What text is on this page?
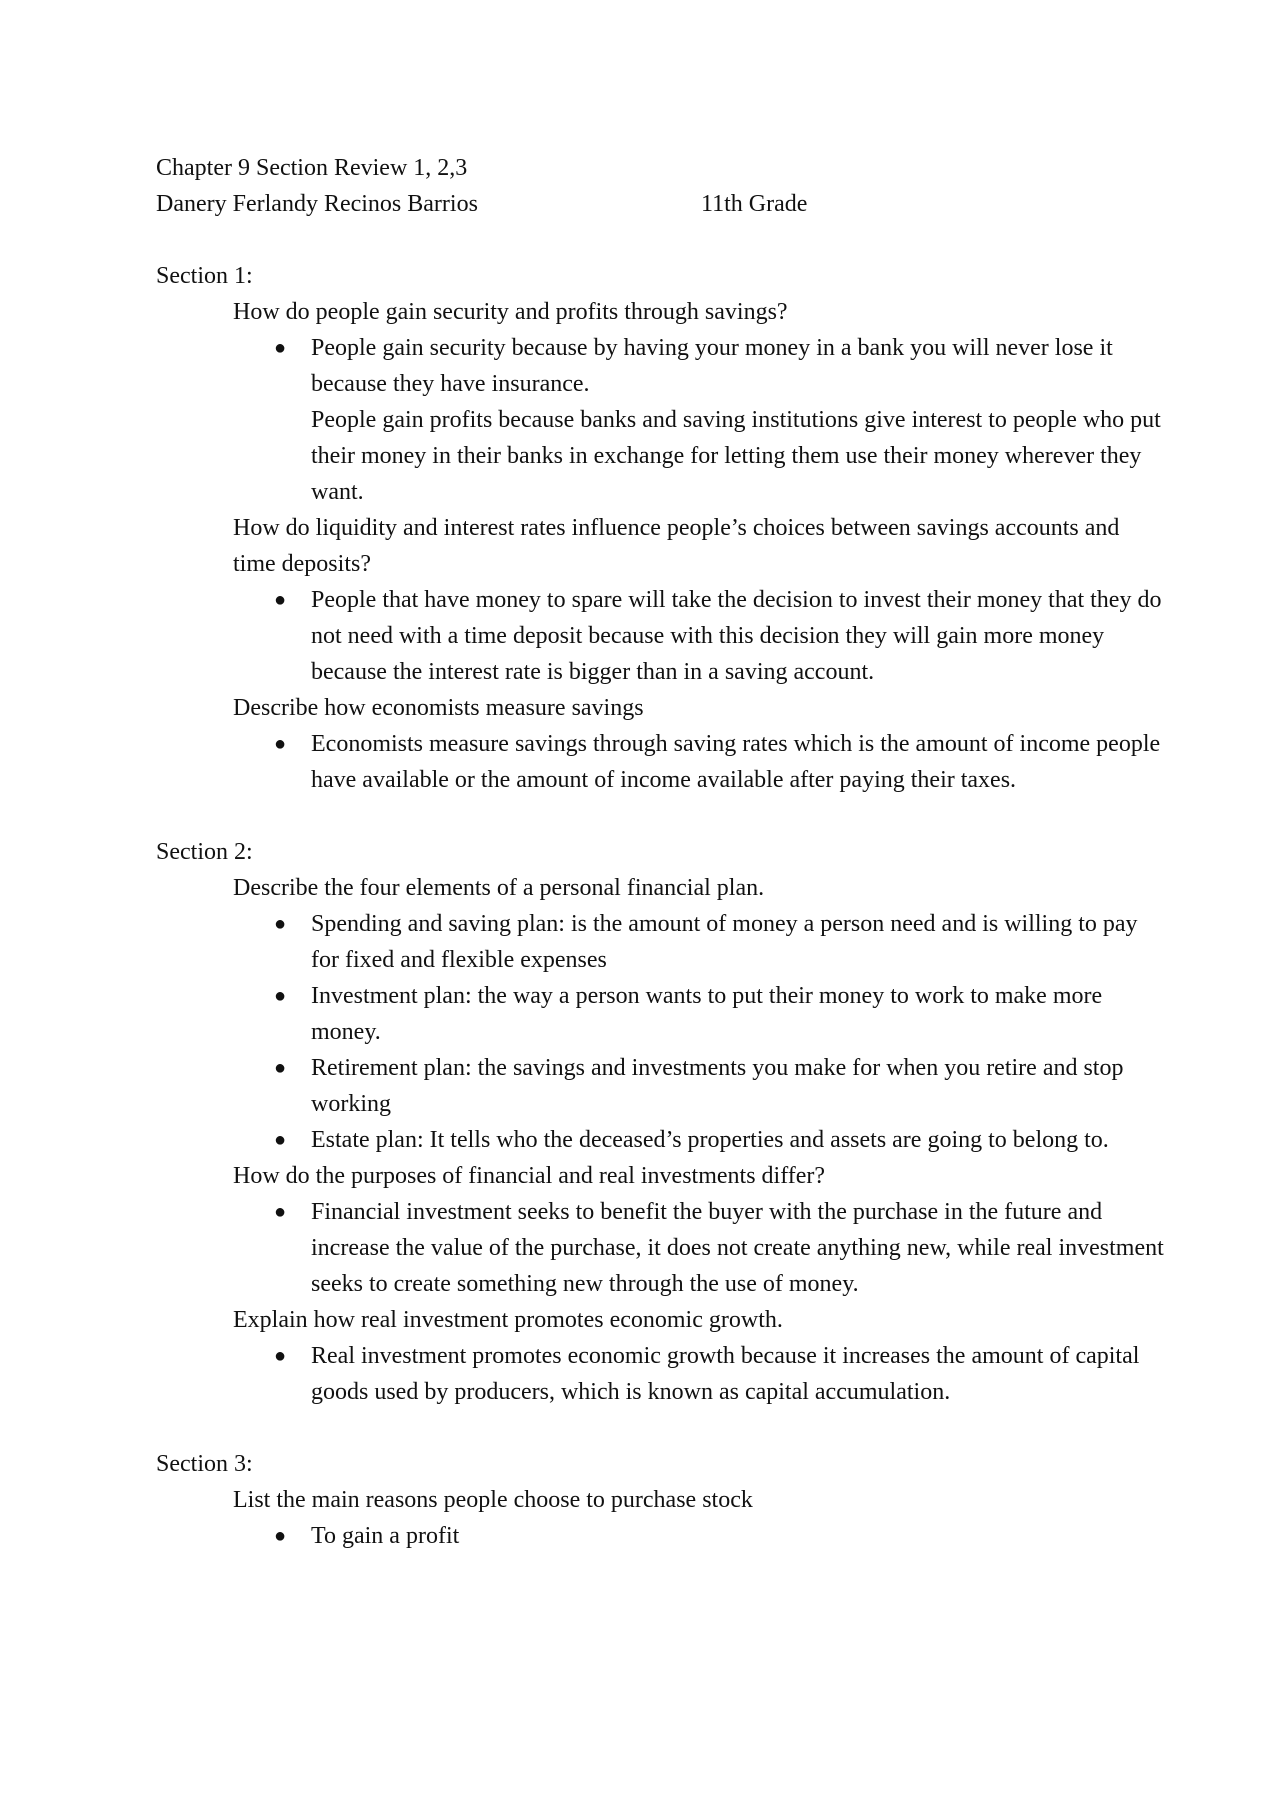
Chapter 9 Section Review 1, 2,3
Danery Ferlandy Recinos Barrios	11th Grade
Section 1:
How do people gain security and profits through savings?
● People gain security because by having your money in a bank you will never lose it because they have insurance.
People gain profits because banks and saving institutions give interest to people who put their money in their banks in exchange for letting them use their money wherever they want.
How do liquidity and interest rates influence people’s choices between savings accounts and time deposits?
● People that have money to spare will take the decision to invest their money that they do not need with a time deposit because with this decision they will gain more money because the interest rate is bigger than in a saving account.
Describe how economists measure savings
● Economists measure savings through saving rates which is the amount of income people have available or the amount of income available after paying their taxes.
Section 2:
Describe the four elements of a personal financial plan.
● Spending and saving plan: is the amount of money a person need and is willing to pay for fixed and flexible expenses
● Investment plan: the way a person wants to put their money to work to make more money.
● Retirement plan: the savings and investments you make for when you retire and stop working
● Estate plan: It tells who the deceased’s properties and assets are going to belong to.
How do the purposes of financial and real investments differ?
● Financial investment seeks to benefit the buyer with the purchase in the future and increase the value of the purchase, it does not create anything new, while real investment seeks to create something new through the use of money.
Explain how real investment promotes economic growth.
● Real investment promotes economic growth because it increases the amount of capital goods used by producers, which is known as capital accumulation.
Section 3:
List the main reasons people choose to purchase stock
● To gain a profit
